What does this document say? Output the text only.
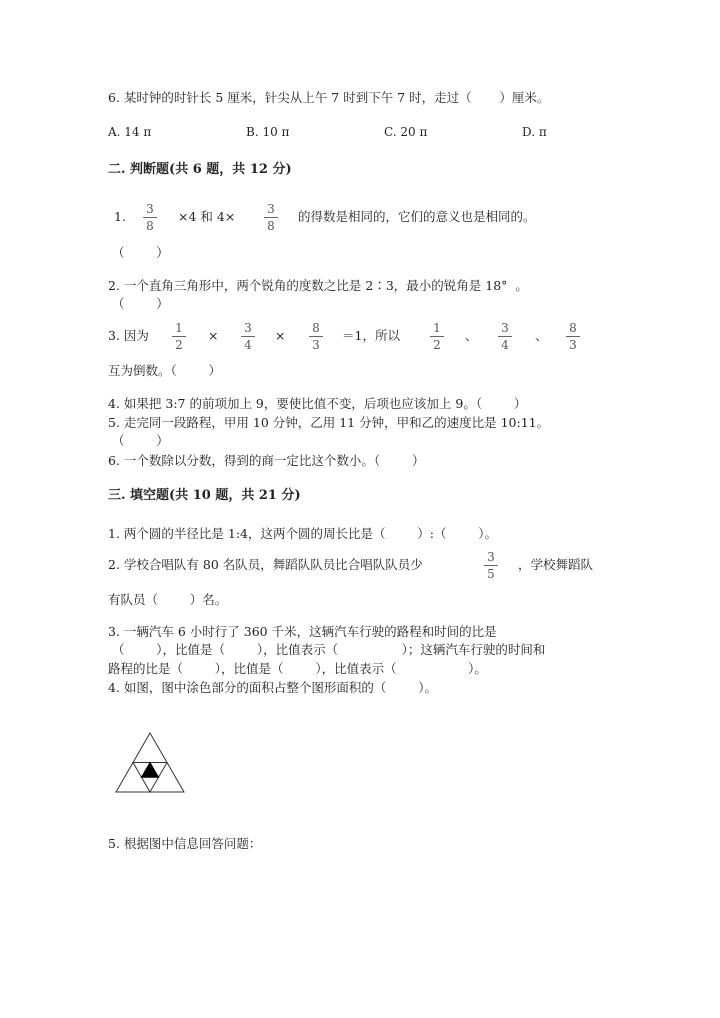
6. 某时钟的时针长 5 厘米，针尖从上午 7 时到下午 7 时，走过（       ）厘米。
A. 14 π	B. 10 π	C. 20 π	D. π
二. 判断题(共 6 题，共 12 分)
1.	3
8
×4 和 4×	3
8
的得数是相同的，它们的意义也是相同的。
（        ）
2. 一个直角三角形中，两个锐角的度数之比是 2∶3，最小的锐角是 18°  。
（        ）
3. 因为	1
2
×	3
4
×	8
3
＝1，所以	1
2
、	3
4
、	8
3
互为倒数。（        ）
4. 如果把 3:7 的前项加上 9，要使比值不变，后项也应该加上 9。（        ）
5. 走完同一段路程，甲用 10 分钟，乙用 11 分钟，甲和乙的速度比是 10:11。
（        ）
6. 一个数除以分数，得到的商一定比这个数小。（        ）
三. 填空题(共 10 题，共 21 分)
1. 两个圆的半径比是 1:4，这两个圆的周长比是（        ）:（        ）。
2. 学校合唱队有 80 名队员，舞蹈队队员比合唱队队员少	3
5
，学校舞蹈队
有队员（        ）名。
3. 一辆汽车 6 小时行了 360 千米，这辆汽车行驶的路程和时间的比是
（        ），比值是（        ），比值表示（                ）；这辆汽车行驶的时间和
路程的比是（        ），比值是（        ），比值表示（                  ）。
4. 如图，图中涂色部分的面积占整个图形面积的（        ）。
5. 根据图中信息回答问题：
